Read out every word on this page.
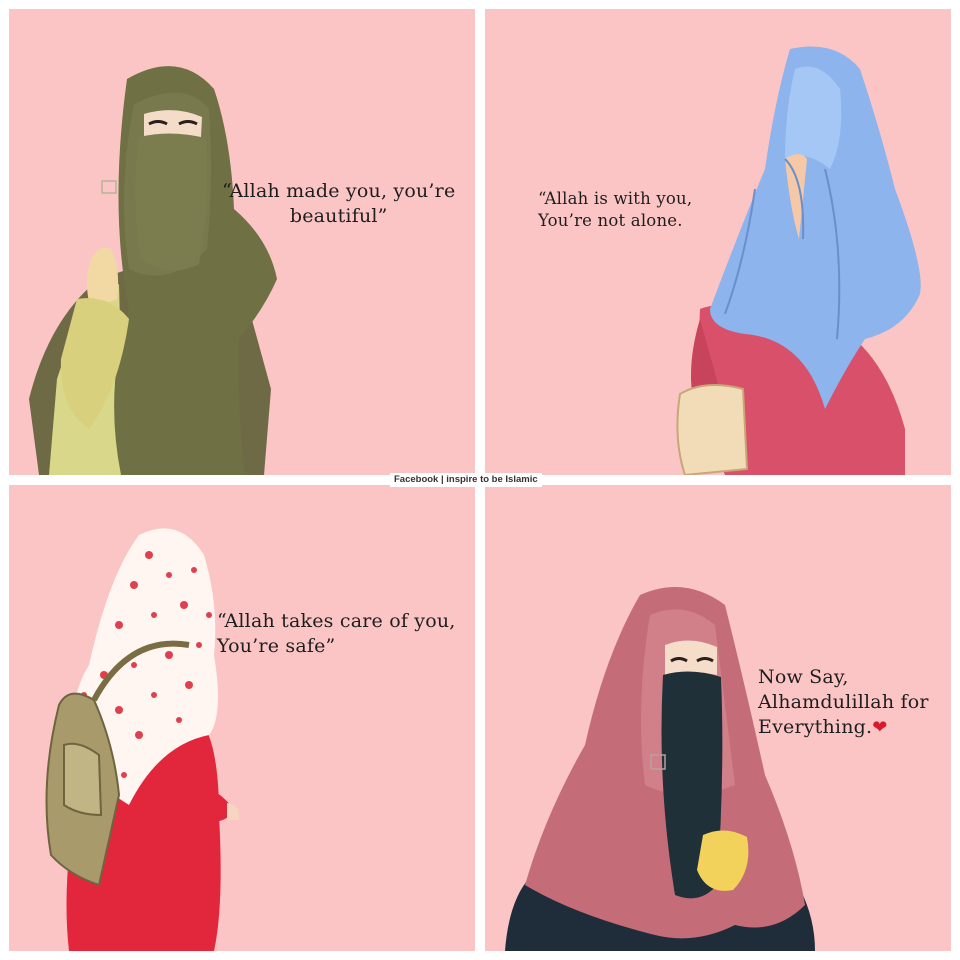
“Allah made you, you’re
beautiful”
“Allah is with you,
You’re not alone.
“Allah takes care of you,
You’re safe”
Now Say,
Alhamdulillah for
Everything.❤
Facebook | inspire to be Islamic
